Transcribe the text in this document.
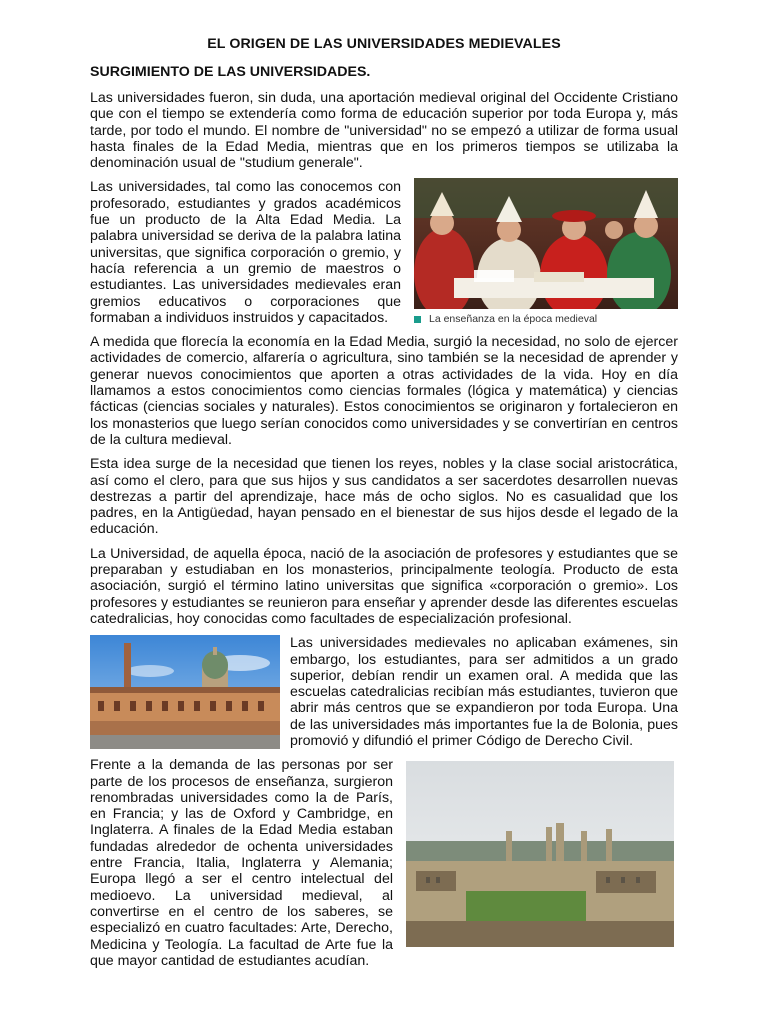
EL ORIGEN DE LAS UNIVERSIDADES MEDIEVALES
SURGIMIENTO DE LAS UNIVERSIDADES.

Las universidades fueron, sin duda, una aportación medieval original del Occidente Cristiano que con el tiempo se extendería como forma de educación superior por toda Europa y, más tarde, por todo el mundo. El nombre de "universidad" no se empezó a utilizar de forma usual hasta finales de la Edad Media, mientras que en los primeros tiempos se utilizaba la denominación usual de "studium generale".

Las universidades, tal como las conocemos con profesorado, estudiantes y grados académicos fue un producto de la Alta Edad Media. La palabra universidad se deriva de la palabra latina universitas, que significa corporación o gremio, y hacía referencia a un gremio de maestros o estudiantes. Las universidades medievales eran gremios educativos o corporaciones que formaban a individuos instruidos y capacitados.	La enseñanza en la época medieval

A medida que florecía la economía en la Edad Media, surgió la necesidad, no solo de ejercer actividades de comercio, alfarería o agricultura, sino también se la necesidad de aprender y generar nuevos conocimientos que aporten a otras actividades de la vida. Hoy en día llamamos a estos conocimientos como ciencias formales (lógica y matemática) y ciencias fácticas (ciencias sociales y naturales). Estos conocimientos se originaron y fortalecieron en los monasterios que luego serían conocidos como universidades y se convertirían en centros de la cultura medieval.

Esta idea surge de la necesidad que tienen los reyes, nobles y la clase social aristocrática, así como el clero, para que sus hijos y sus candidatos a ser sacerdotes desarrollen nuevas destrezas a partir del aprendizaje, hace más de ocho siglos. No es casualidad que los padres, en la Antigüedad, hayan pensado en el bienestar de sus hijos desde el legado de la educación.

La Universidad, de aquella época, nació de la asociación de profesores y estudiantes que se preparaban y estudiaban en los monasterios, principalmente teología. Producto de esta asociación, surgió el término latino universitas que significa «corporación o gremio». Los profesores y estudiantes se reunieron para enseñar y aprender desde las diferentes escuelas catedralicias, hoy conocidas como facultades de especialización profesional.

Las universidades medievales no aplicaban exámenes, sin embargo, los estudiantes, para ser admitidos a un grado superior, debían rendir un examen oral. A medida que las escuelas catedralicias recibían más estudiantes, tuvieron que abrir más centros que se expandieron por toda Europa. Una de las universidades más importantes fue la de Bolonia, pues promovió y difundió el primer Código de Derecho Civil.

Frente a la demanda de las personas por ser parte de los procesos de enseñanza, surgieron renombradas universidades como la de París, en Francia; y las de Oxford y Cambridge, en Inglaterra. A finales de la Edad Media estaban fundadas alrededor de ochenta universidades entre Francia, Italia, Inglaterra y Alemania; Europa llegó a ser el centro intelectual del medioevo. La universidad medieval, al convertirse en el centro de los saberes, se especializó en cuatro facultades: Arte, Derecho, Medicina y Teología. La facultad de Arte fue la que mayor cantidad de estudiantes acudían.
